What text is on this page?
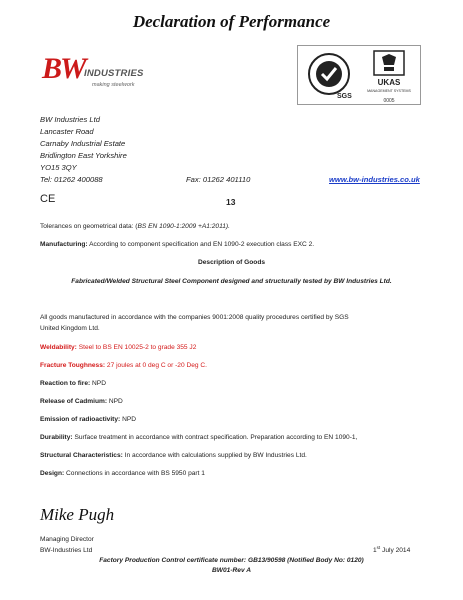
Declaration of Performance
BW INDUSTRIES
making steelwork
SGS
UKAS
MANAGEMENT SYSTEMS
0005
BW Industries Ltd
Lancaster Road
Carnaby Industrial Estate
Bridlington East Yorkshire
YO15 3QY
Tel: 01262 400088	Fax: 01262 401110	www.bw-industries.co.uk
CE	13
Tolerances on geometrical data: (BS EN 1090-1:2009 +A1:2011).
Manufacturing: According to component specification and EN 1090-2 execution class EXC 2.
Description of Goods
Fabricated/Welded Structural Steel Component designed and structurally tested by BW Industries Ltd.
All goods manufactured in accordance with the companies 9001:2008 quality procedures certified by SGS
United Kingdom Ltd.
Weldability: Steel to BS EN 10025-2 to grade 355 J2
Fracture Toughness: 27 joules at 0 deg C or -20 Deg C.
Reaction to fire: NPD
Release of Cadmium: NPD
Emission of radioactivity: NPD
Durability: Surface treatment in accordance with contract specification. Preparation according to EN 1090-1,
Structural Characteristics: In accordance with calculations supplied by BW Industries Ltd.
Design: Connections in accordance with BS 5950 part 1
Mike Pugh
Managing Director
BW-Industries Ltd	1st July 2014
Factory Production Control certificate number: GB13/90598 (Notified Body No: 0120)
BW01-Rev A
